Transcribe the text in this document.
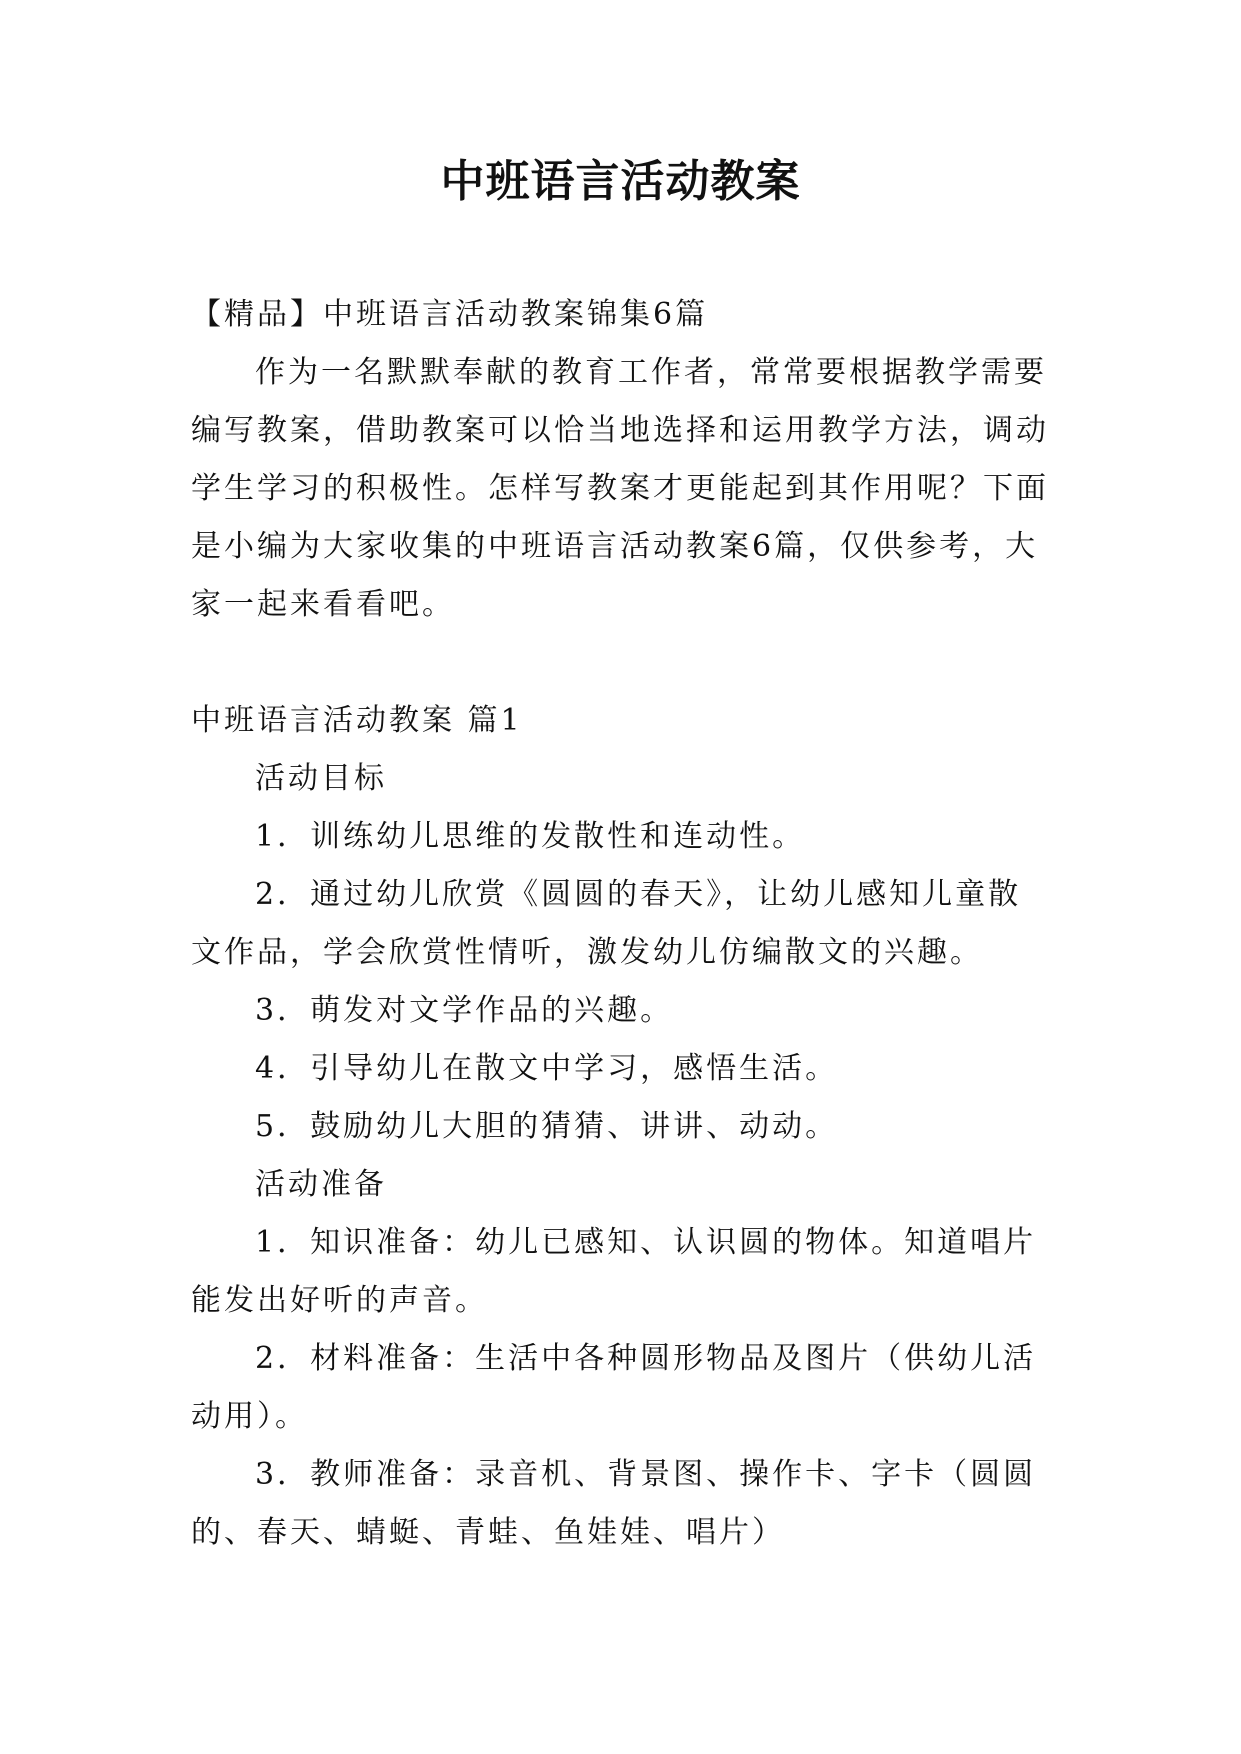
中班语言活动教案

【精品】中班语言活动教案锦集6篇

作为一名默默奉献的教育工作者，常常要根据教学需要编写教案，借助教案可以恰当地选择和运用教学方法，调动学生学习的积极性。怎样写教案才更能起到其作用呢？下面是小编为大家收集的中班语言活动教案6篇，仅供参考，大家一起来看看吧。

中班语言活动教案 篇1

活动目标

1．训练幼儿思维的发散性和连动性。

2．通过幼儿欣赏《圆圆的春天》，让幼儿感知儿童散文作品，学会欣赏性情听，激发幼儿仿编散文的兴趣。

3．萌发对文学作品的兴趣。

4．引导幼儿在散文中学习，感悟生活。

5．鼓励幼儿大胆的猜猜、讲讲、动动。

活动准备

1．知识准备：幼儿已感知、认识圆的物体。知道唱片能发出好听的声音。

2．材料准备：生活中各种圆形物品及图片（供幼儿活动用）。

3．教师准备：录音机、背景图、操作卡、字卡（圆圆的、春天、蜻蜓、青蛙、鱼娃娃、唱片）
